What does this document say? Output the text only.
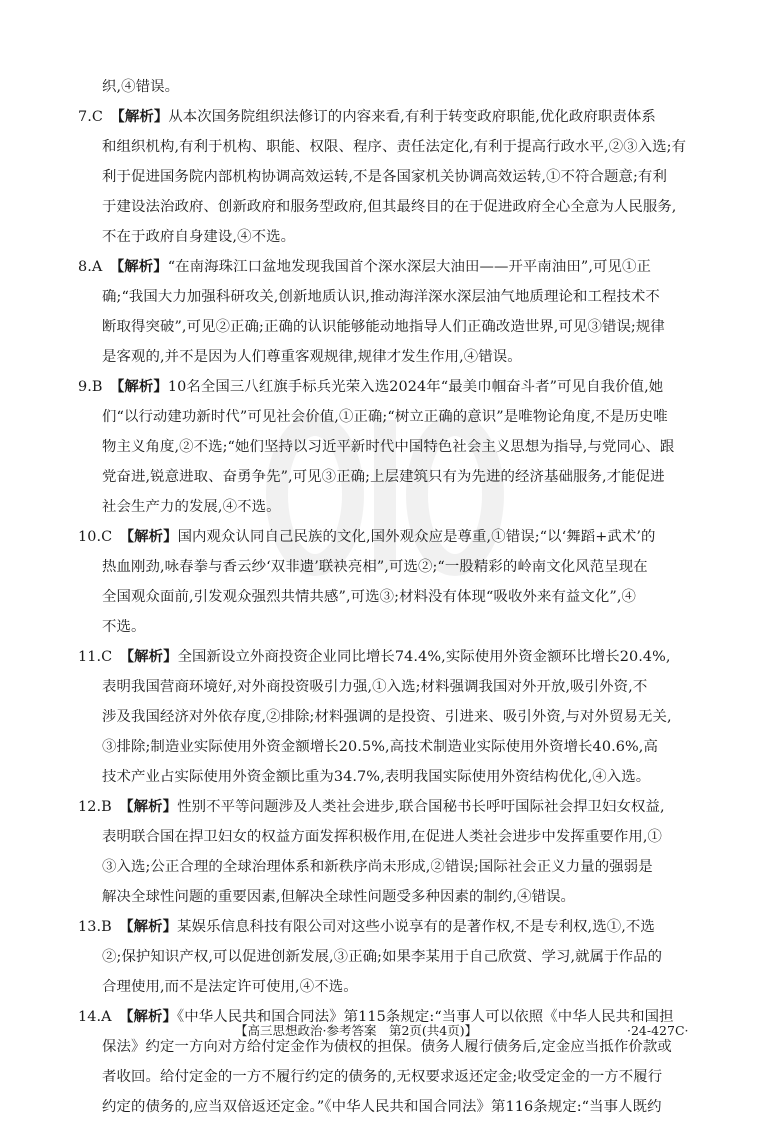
织,④错误。
7.C  【解析】从本次国务院组织法修订的内容来看,有利于转变政府职能,优化政府职责体系
和组织机构,有利于机构、职能、权限、程序、责任法定化,有利于提高行政水平,②③入选;有
利于促进国务院内部机构协调高效运转,不是各国家机关协调高效运转,①不符合题意;有利
于建设法治政府、创新政府和服务型政府,但其最终目的在于促进政府全心全意为人民服务,
不在于政府自身建设,④不选。
8.A  【解析】“在南海珠江口盆地发现我国首个深水深层大油田——开平南油田”,可见①正
确;“我国大力加强科研攻关,创新地质认识,推动海洋深水深层油气地质理论和工程技术不
断取得突破”,可见②正确;正确的认识能够能动地指导人们正确改造世界,可见③错误;规律
是客观的,并不是因为人们尊重客观规律,规律才发生作用,④错误。
9.B  【解析】10名全国三八红旗手标兵光荣入选2024年“最美巾帼奋斗者”可见自我价值,她
们“以行动建功新时代”可见社会价值,①正确;“树立正确的意识”是唯物论角度,不是历史唯
物主义角度,②不选;“她们坚持以习近平新时代中国特色社会主义思想为指导,与党同心、跟
党奋进,锐意进取、奋勇争先”,可见③正确;上层建筑只有为先进的经济基础服务,才能促进
社会生产力的发展,④不选。
10.C  【解析】国内观众认同自己民族的文化,国外观众应是尊重,①错误;“以‘舞蹈+武术’的
热血刚劲,咏春拳与香云纱‘双非遗’联袂亮相”,可选②;“一股精彩的岭南文化风范呈现在
全国观众面前,引发观众强烈共情共感”,可选③;材料没有体现“吸收外来有益文化”,④
不选。
11.C  【解析】全国新设立外商投资企业同比增长74.4%,实际使用外资金额环比增长20.4%,
表明我国营商环境好,对外商投资吸引力强,①入选;材料强调我国对外开放,吸引外资,不
涉及我国经济对外依存度,②排除;材料强调的是投资、引进来、吸引外资,与对外贸易无关,
③排除;制造业实际使用外资金额增长20.5%,高技术制造业实际使用外资增长40.6%,高
技术产业占实际使用外资金额比重为34.7%,表明我国实际使用外资结构优化,④入选。
12.B  【解析】性别不平等问题涉及人类社会进步,联合国秘书长呼吁国际社会捍卫妇女权益,
表明联合国在捍卫妇女的权益方面发挥积极作用,在促进人类社会进步中发挥重要作用,①
③入选;公正合理的全球治理体系和新秩序尚未形成,②错误;国际社会正义力量的强弱是
解决全球性问题的重要因素,但解决全球性问题受多种因素的制约,④错误。
13.B  【解析】某娱乐信息科技有限公司对这些小说享有的是著作权,不是专利权,选①,不选
②;保护知识产权,可以促进创新发展,③正确;如果李某用于自己欣赏、学习,就属于作品的
合理使用,而不是法定许可使用,④不选。
14.A  【解析】《中华人民共和国合同法》第115条规定:“当事人可以依照《中华人民共和国担
保法》约定一方向对方给付定金作为债权的担保。债务人履行债务后,定金应当抵作价款或
者收回。给付定金的一方不履行约定的债务的,无权要求返还定金;收受定金的一方不履行
约定的债务的,应当双倍返还定金。”《中华人民共和国合同法》第116条规定:“当事人既约
【高三思想政治·参考答案　第2页(共4页)】	·24-427C·
